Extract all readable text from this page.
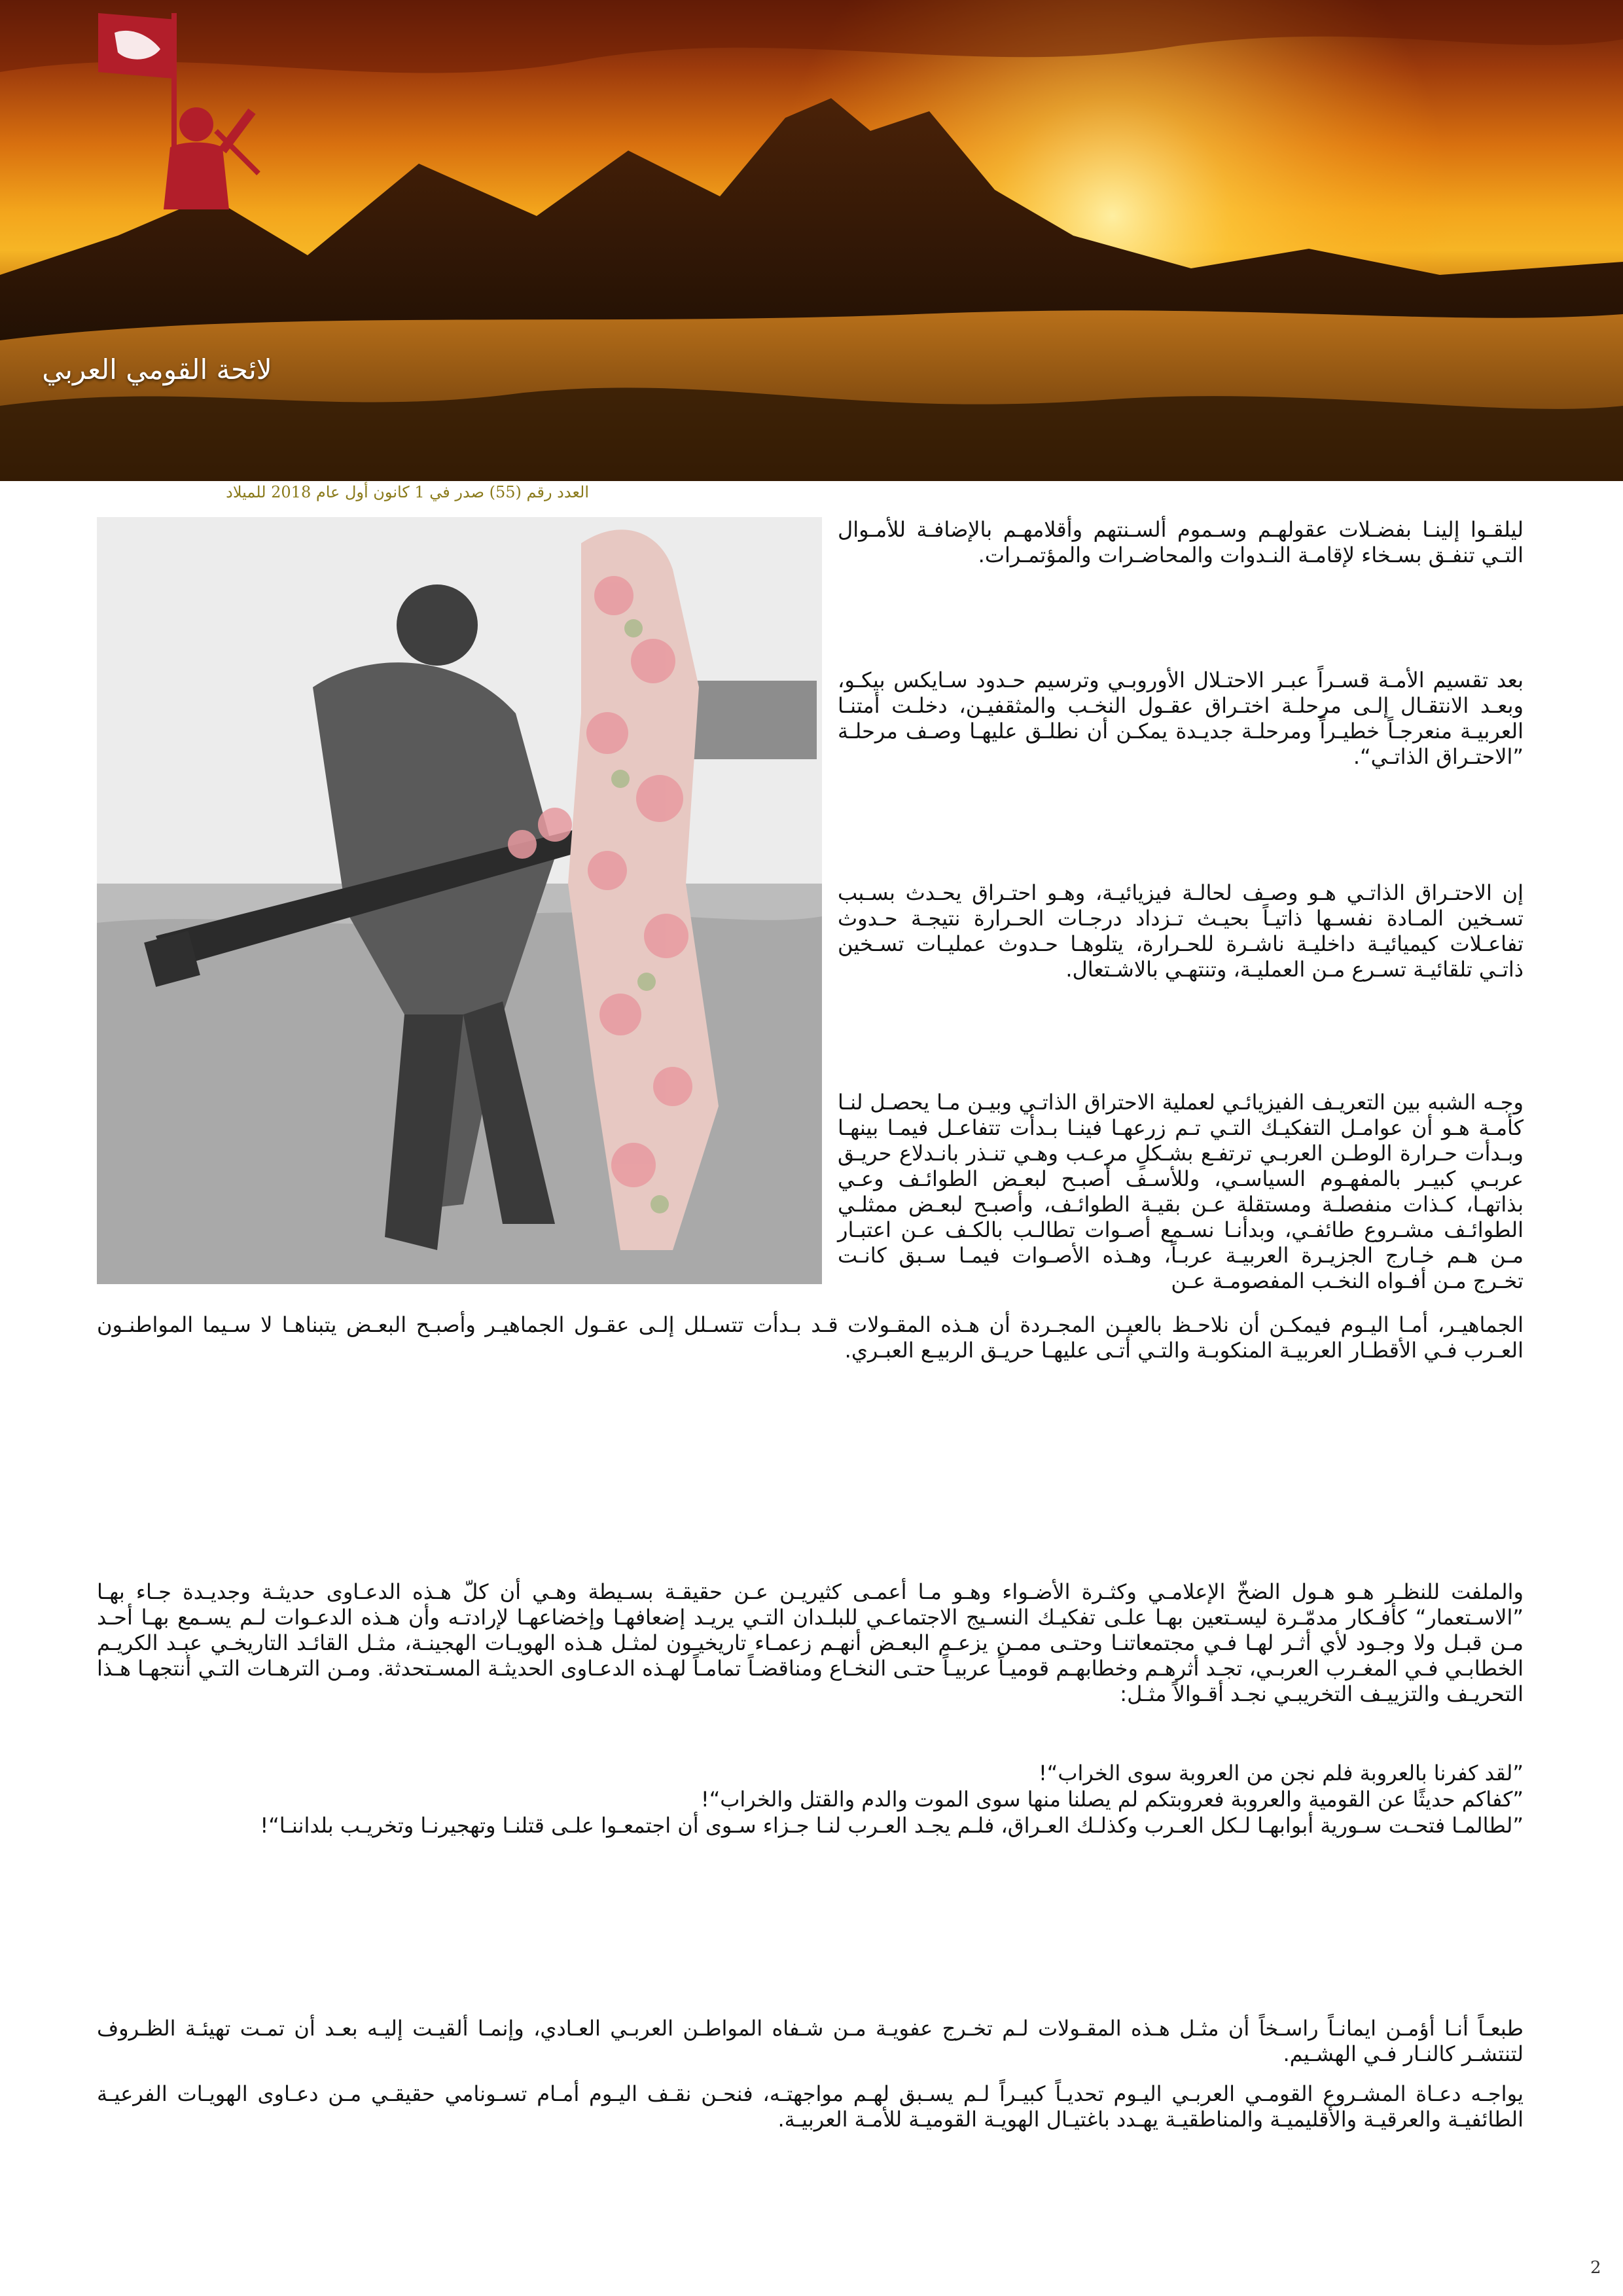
لائحة القومي العربي
العدد رقم (55) صدر في 1 كانون أول عام 2018 للميلاد

ليلقـوا إلينـا بفضـلات عقولهـم وسـموم ألسـنتهم وأقلامهـم بالإضافـة للأمـوال التـي تنفـق بسـخاء لإقامـة النـدوات والمحاضـرات والمؤتمـرات.

بعد تقسيم الأمـة قسـراً عبـر الاحتـلال الأوروبـي وترسيم حـدود سـايكس بيكـو، وبعـد الانتقـال إلـى مرحلـة اختـراق عقـول النخـب والمثقفيـن، دخلـت أمتنـا العربيـة منعرجـاً خطيـراً ومرحلـة جديـدة يمكـن أن نطلـق عليهـا وصـف مرحلـة ”الاحتـراق الذاتـي“.

إن الاحتـراق الذاتـي هـو وصـف لحالـة فيزيائيـة، وهـو احتـراق يحـدث بسـبب تسـخين المـادة نفسـها ذاتيـاً بحيـث تـزداد درجـات الحـرارة نتيجـة حـدوث تفاعـلات كيميائيـة داخليـة ناشـرة للحـرارة، يتلوهـا حـدوث عمليـات تسـخين ذاتـي تلقائيـة تسـرع مـن العمليـة، وتنتهـي بالاشـتعال.

وجـه الشبه بين التعريـف الفيزيائـي لعملية الاحتراق الذاتـي وبيـن مـا يحصـل لنـا كأمـة هـو أن عوامـل التفكيـك التـي تـم زرعهـا فينـا بـدأت تتفاعـل فيمـا بينهـا وبـدأت حـرارة الوطـن العربـي ترتفـع بشـكلٍ مرعـب وهـي تنـذر بانـدلاع حريـق عربـي كبيـر بالمفهـوم السياسـي، وللأسـف أصبـح لبعـض الطوائـف وعـي بذاتهـا، كـذات منفصلـة ومستقلة عـن بقيـة الطوائـف، وأصبـح لبعـض ممثلـي الطوائـف مشـروع طائفـي، وبدأنـا نسـمع أصـوات تطالـب بالكـف عـن اعتبـار مـن هـم خـارج الجزيـرة العربيـة عربـاً، وهـذه الأصـوات فيمـا سـبق كانـت تخـرج مـن أفـواه النخـب المفصومـة عـن

الجماهيـر، أمـا اليـوم فيمكـن أن نلاحـظ بالعيـن المجـردة أن هـذه المقـولات قـد بـدأت تتسـلل إلـى عقـول الجماهيـر وأصبـح البعـض يتبناهـا لا سـيما المواطنـون العـرب فـي الأقطـار العربيـة المنكوبـة والتـي أتـى عليهـا حريـق الربيـع العبـري.

والملفت للنظـر هـو هـول الضخّ الإعلامـي وكثـرة الأضـواء وهـو مـا أعمـى كثيريـن عـن حقيقـة بسـيطة وهـي أن كلّ هـذه الدعـاوى حديثـة وجديـدة جـاء بهـا ”الاسـتعمار“ كأفـكار مدمّـرة ليسـتعين بهـا علـى تفكيـك النسـيج الاجتماعـي للبلـدان التـي يريـد إضعافهـا وإخضاعهـا لإرادتـه وأن هـذه الدعـوات لـم يسـمع بهـا أحـد مـن قبـل ولا وجـود لأي أثـر لهـا فـي مجتمعاتنـا وحتـى ممـن يزعـم البعـض أنهـم زعمـاء تاريخيـون لمثـل هـذه الهويـات الهجينـة، مثـل القائـد التاريخـي عبـد الكريـم الخطابـي فـي المغـرب العربـي، تجـد أثرهـم وخطابهـم قوميـاً عربيـاً حتـى النخـاع ومناقضـاً تمامـاً لهـذه الدعـاوى الحديثـة المسـتحدثة. ومـن الترهـات التـي أنتجهـا هـذا التحريـف والتزييـف التخريبـي نجـد أقـوالاً مثـل:

”لقد كفرنا بالعروبة فلم نجن من العروبة سوى الخراب“!

”كفاكم حديثًا عن القومية والعروبة فعروبتكم لم يصلنا منها سوى الموت والدم والقتل والخراب“!

”لطالمـا فتحـت سـورية أبوابهـا لـكل العـرب وكذلـك العـراق، فلـم يجـد العـرب لنـا جـزاء سـوى أن اجتمعـوا علـى قتلنـا وتهجيرنـا وتخريـب بلداننـا“!

طبعـاً أنـا أؤمـن ايمانـاً راسـخاً أن مثـل هـذه المقـولات لـم تخـرج عفويـة مـن شـفاه المواطـن العربـي العـادي، وإنمـا ألقيـت إليـه بعـد أن تمـت تهيئـة الظـروف لتنتشـر كالنـار فـي الهشـيم.

يواجـه دعـاة المشـروع القومـي العربـي اليـوم تحديـاً كبيـراً لـم يسـبق لهـم مواجهتـه، فنحـن نقـف اليـوم أمـام تسـونامي حقيقـي مـن دعـاوى الهويـات الفرعيـة الطائفيـة والعرقيـة والأقليميـة والمناطقيـة يهـدد باغتيـال الهويـة القوميـة للأمـة العربيـة.

2
